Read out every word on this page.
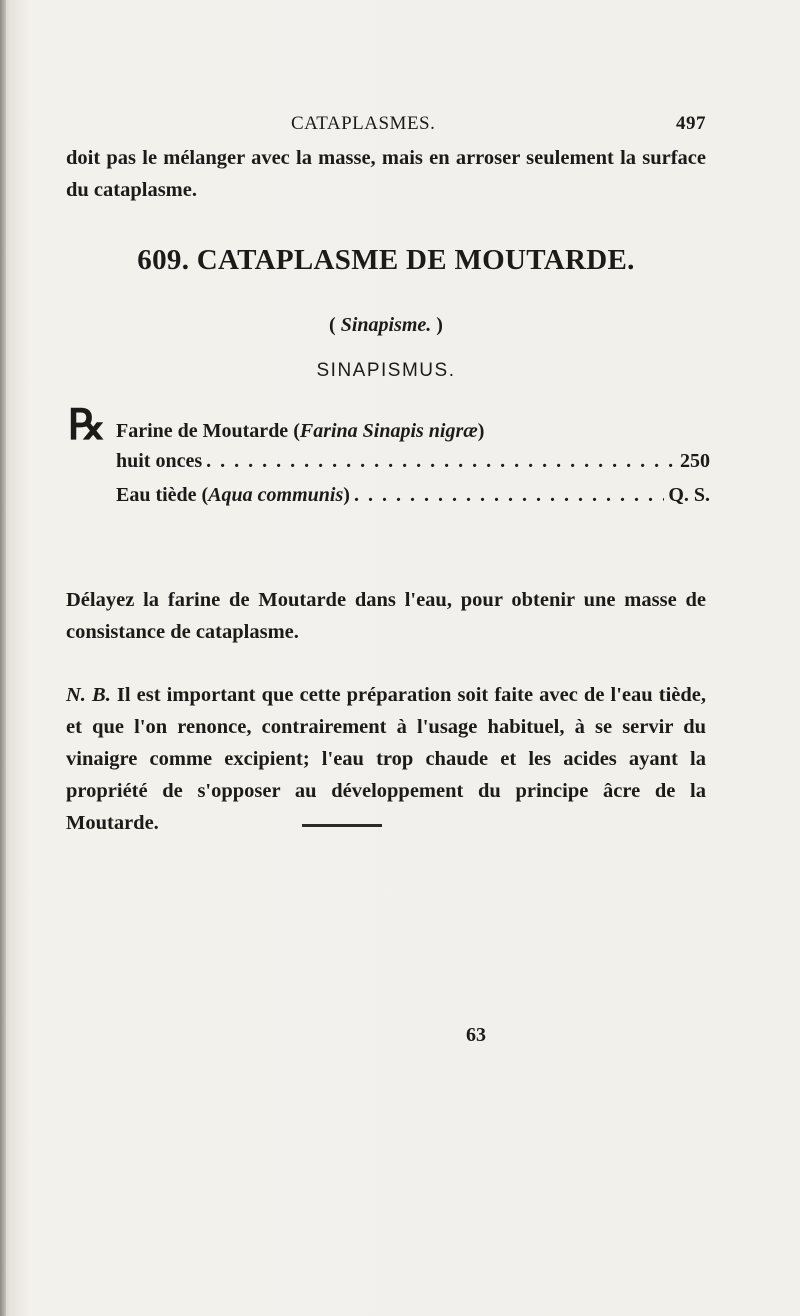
CATAPLASMES.	497
doit pas le mélanger avec la masse, mais en arroser seulement la surface du cataplasme.
609. CATAPLASME DE MOUTARDE.
( Sinapisme. )
SINAPISMUS.
℞ Farine de Moutarde (Farina Sinapis nigræ)
huit onces . . .	250
Eau tiède (Aqua communis) . . .	Q. S.
Délayez la farine de Moutarde dans l'eau, pour obtenir une masse de consistance de cataplasme.
N. B. Il est important que cette préparation soit faite avec de l'eau tiède, et que l'on renonce, contrairement à l'usage habituel, à se servir du vinaigre comme excipient; l'eau trop chaude et les acides ayant la propriété de s'opposer au développement du principe âcre de la Moutarde.
63
